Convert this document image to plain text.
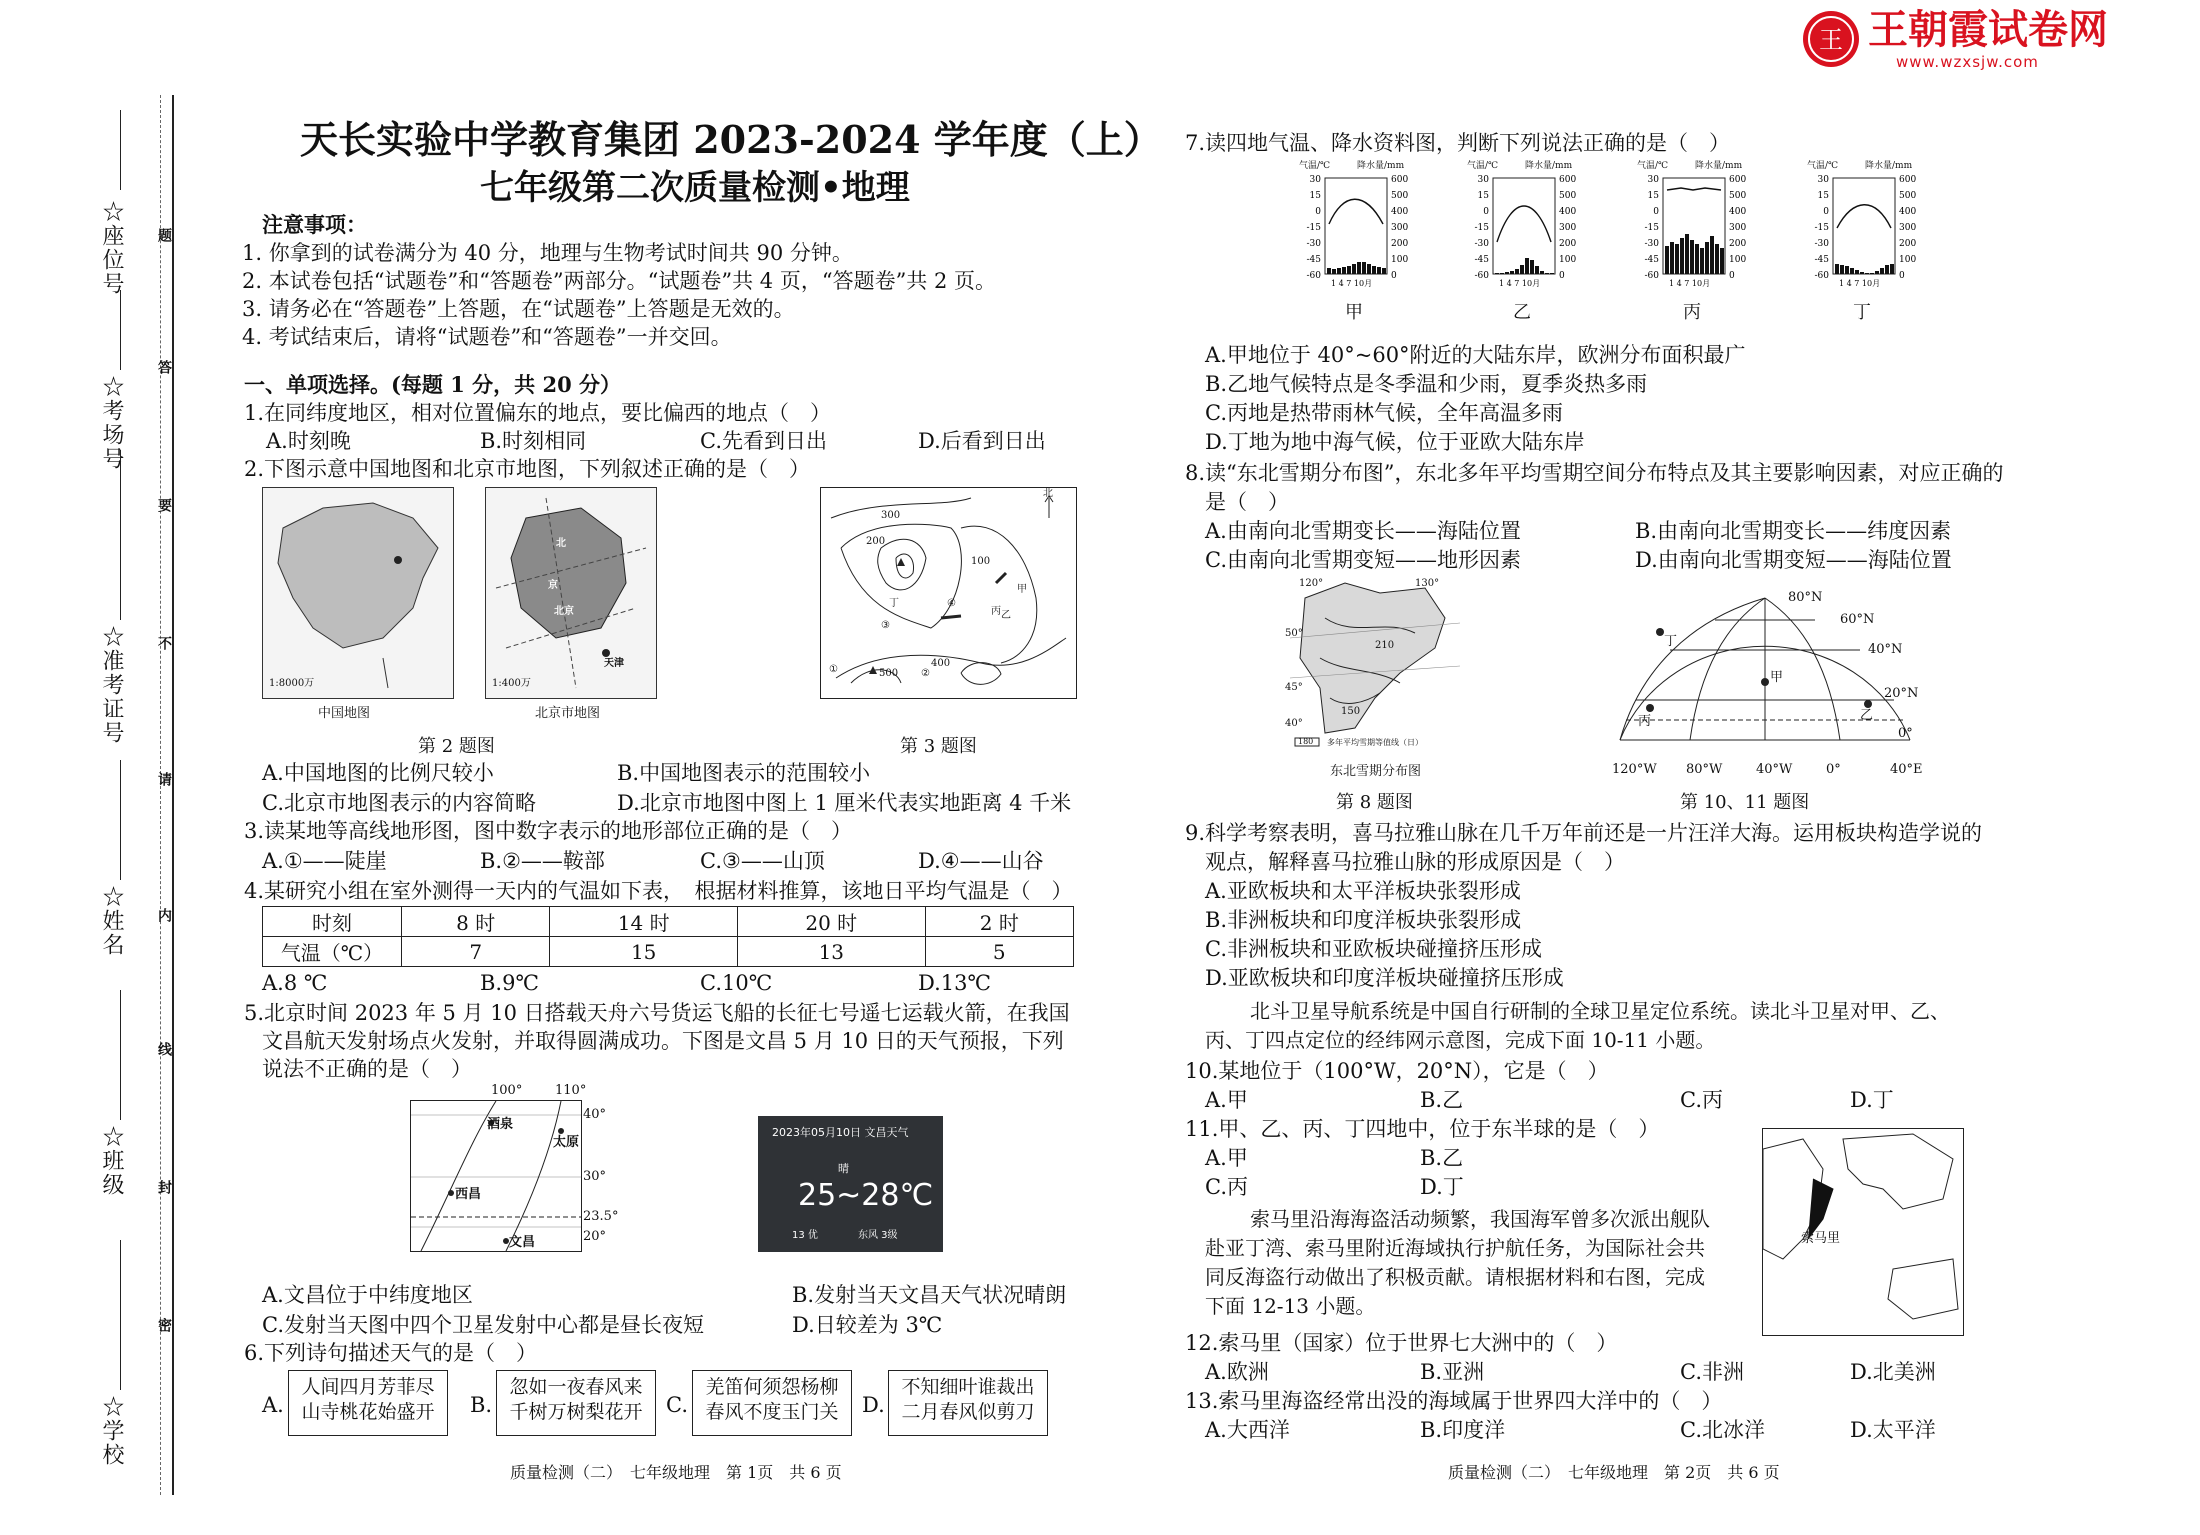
王 王朝霞试卷网
www.wzxsjw.com
☆座位号
☆考场号
☆准考证号
☆姓名
☆班级
☆学校
题
答
要
不
请
内
线
封
密
天长实验中学教育集团 2023-2024 学年度（上）
七年级第二次质量检测•地理
注意事项：
1. 你拿到的试卷满分为 40 分，地理与生物考试时间共 90 分钟。
2. 本试卷包括“试题卷”和“答题卷”两部分。“试题卷”共 4 页，“答题卷”共 2 页。
3. 请务必在“答题卷”上答题，在“试题卷”上答题是无效的。
4. 考试结束后，请将“试题卷”和“答题卷”一并交回。
一、单项选择。(每题 1 分，共 20 分）
1.在同纬度地区，相对位置偏东的地点，要比偏西的地点（　）
A.时刻晚	B.时刻相同	C.先看到日出	D.后看到日出
2.下图示意中国地图和北京市地图，下列叙述正确的是（　）
1:8000万
中国地图
北
京
北京
天津
1:400万
北京市地图
300
200
100
400
500
甲
乙
丙
丁
北
①	②
③
④
第 2 题图	第 3 题图
A.中国地图的比例尺较小	B.中国地图表示的范围较小
C.北京市地图表示的内容简略	D.北京市地图中图上 1 厘米代表实地距离 4 千米
3.读某地等高线地形图，图中数字表示的地形部位正确的是（　）
A.①——陡崖	B.②——鞍部	C.③——山顶	D.④——山谷
4.某研究小组在室外测得一天内的气温如下表，　根据材料推算，该地日平均气温是（　）
时刻	8 时	14 时	20 时	2 时
气温（℃）	7	15	13	5
A.8 ℃	B.9℃	C.10℃	D.13℃
5.北京时间 2023 年 5 月 10 日搭载天舟六号货运飞船的长征七号遥七运载火箭，在我国
文昌航天发射场点火发射，并取得圆满成功。下图是文昌 5 月 10 日的天气预报，下列
说法不正确的是（　）
100°	110°
40°
30°
23.5°
20°
酒泉
太原
西昌
文昌
2023年05月10日 文昌天气
晴
25~28℃
13 优	东风 3级
A.文昌位于中纬度地区	B.发射当天文昌天气状况晴朗
C.发射当天图中四个卫星发射中心都是昼长夜短	D.日较差为 3℃
6.下列诗句描述天气的是（　）
A.
人间四月芳菲尽
山寺桃花始盛开	B.
忽如一夜春风来
千树万树梨花开	C.
羌笛何须怨杨柳
春风不度玉门关	D.
不知细叶谁裁出
二月春风似剪刀
质量检测（二）　七年级地理　第 1页　共 6 页
7.读四地气温、降水资料图，判断下列说法正确的是（　）
30
15
0
-15
-30
-45
-60
600
500
400
300
200
100
0
1 4 7 10月
气温/℃	降水量/mm
甲
30
15
0
-15
-30
-45
-60
600
500
400
300
200
100
0
1 4 7 10月
气温/℃	降水量/mm
乙
30
15
0
-15
-30
-45
-60
600
500
400
300
200
100
0
1 4 7 10月
气温/℃	降水量/mm
丙
30
15
0
-15
-30
-45
-60
600
500
400
300
200
100
0
1 4 7 10月
气温/℃	降水量/mm
丁
A.甲地位于 40°~60°附近的大陆东岸，欧洲分布面积最广
B.乙地气候特点是冬季温和少雨，夏季炎热多雨
C.丙地是热带雨林气候，全年高温多雨
D.丁地为地中海气候，位于亚欧大陆东岸
8.读“东北雪期分布图”，东北多年平均雪期空间分布特点及其主要影响因素，对应正确的
是（　）
A.由南向北雪期变长——海陆位置	B.由南向北雪期变长——纬度因素
C.由南向北雪期变短——地形因素	D.由南向北雪期变短——海陆位置
120°	130°
50°
45°
40°
210
150
180 多年平均雪期等值线（日）
东北雪期分布图
第 8 题图
80°N
60°N
40°N
20°N
0°
甲
乙
丙
丁
120°W 80°W	40°W	0°	40°E
第 10、11 题图
9.科学考察表明，喜马拉雅山脉在几千万年前还是一片汪洋大海。运用板块构造学说的
观点，解释喜马拉雅山脉的形成原因是（　）
A.亚欧板块和太平洋板块张裂形成
B.非洲板块和印度洋板块张裂形成
C.非洲板块和亚欧板块碰撞挤压形成
D.亚欧板块和印度洋板块碰撞挤压形成
北斗卫星导航系统是中国自行研制的全球卫星定位系统。读北斗卫星对甲、乙、
丙、丁四点定位的经纬网示意图，完成下面 10-11 小题。
10.某地位于（100°W，20°N），它是（　）
A.甲	B.乙	C.丙	D.丁
11.甲、乙、丙、丁四地中，位于东半球的是（　）
A.甲	B.乙
C.丙	D.丁
索马里
索马里沿海海盗活动频繁，我国海军曾多次派出舰队
赴亚丁湾、索马里附近海域执行护航任务，为国际社会共
同反海盗行动做出了积极贡献。请根据材料和右图，完成
下面 12-13 小题。
12.索马里（国家）位于世界七大洲中的（　）
A.欧洲	B.亚洲	C.非洲	D.北美洲
13.索马里海盗经常出没的海域属于世界四大洋中的（　）
A.大西洋	B.印度洋	C.北冰洋	D.太平洋
质量检测（二）　七年级地理　第 2页　共 6 页
